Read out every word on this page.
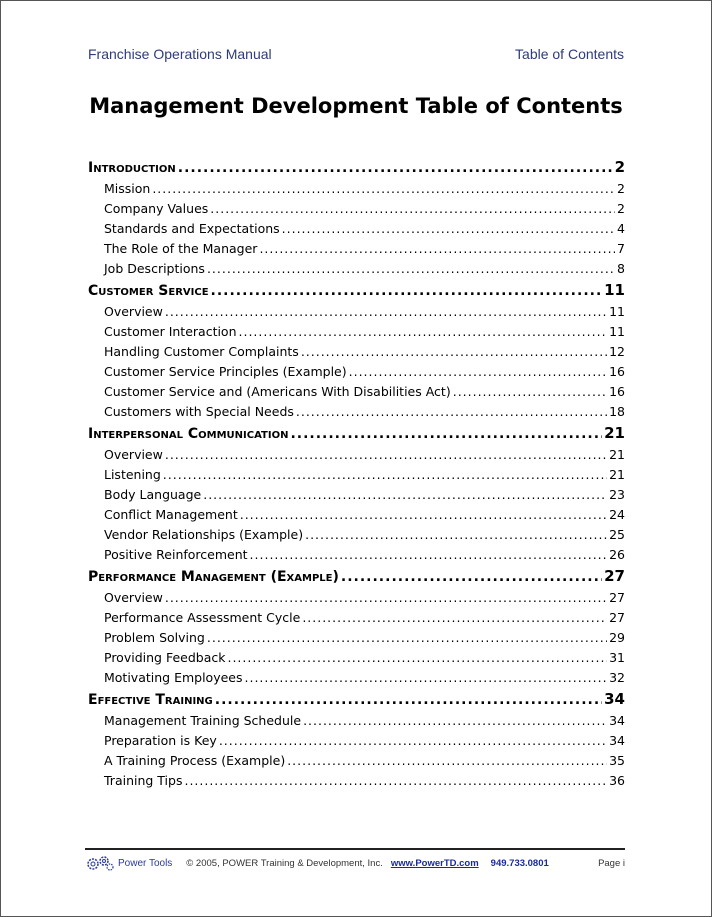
Franchise Operations Manual	Table of Contents
Management Development Table of Contents
Introduction .....	2
Mission .....	2
Company Values .....	2
Standards and Expectations .....	4
The Role of the Manager .....	7
Job Descriptions .....	8
Customer Service .....	11
Overview .....	11
Customer Interaction .....	11
Handling Customer Complaints .....	12
Customer Service Principles (Example) .....	16
Customer Service and (Americans With Disabilities Act) .....	16
Customers with Special Needs .....	18
Interpersonal Communication .....	21
Overview .....	21
Listening .....	21
Body Language .....	23
Conflict Management .....	24
Vendor Relationships (Example) .....	25
Positive Reinforcement .....	26
Performance Management (Example) .....	27
Overview .....	27
Performance Assessment Cycle .....	27
Problem Solving .....	29
Providing Feedback .....	31
Motivating Employees .....	32
Effective Training .....	34
Management Training Schedule .....	34
Preparation is Key .....	34
A Training Process (Example) .....	35
Training Tips .....	36
Power Tools © 2005, POWER Training & Development, Inc. www.PowerTD.com 949.733.0801	Page i
